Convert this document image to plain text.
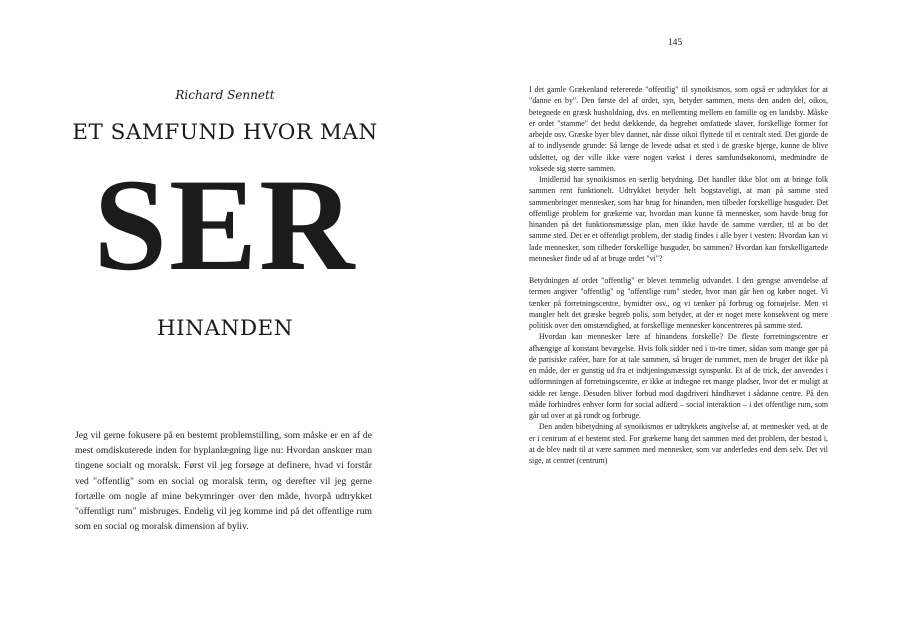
Richard Sennett
ET SAMFUND HVOR MAN
SER
HINANDEN

Jeg vil gerne fokusere på en bestemt problemstilling, som måske er en af de mest omdiskuterede inden for byplanlægning lige nu: Hvordan anskuer man tingene socialt og moralsk. Først vil jeg forsøge at definere, hvad vi forstår ved "offentlig" som en social og moralsk term, og derefter vil jeg gerne fortælle om nogle af mine bekymringer over den måde, hvorpå udtrykket "offentligt rum" misbruges. Endelig vil jeg komme ind på det offentlige rum som en social og moralsk dimension af byliv.

145

I det gamle Grækenland refererede "offentlig" til synoikismos, som også er udtrykket for at "danne en by". Den første del af ordet, syn, betyder sammen, mens den anden del, oikos, betegnede en græsk husholdning, dvs. en mellemting mellem en familie og en landsby. Måske er ordet "stamme" det bedst dækkende, da begrebet omfattede slaver, forskellige former for arbejde osv. Græske byer blev dannet, når disse oikoi flyttede til et centralt sted. Det gjorde de af to indlysende grunde: Så længe de levede udsat et sted i de græske bjerge, kunne de blive udslettet, og der ville ikke være nogen vækst i deres samfundsøkonomi, medmindre de voksede sig større sammen.

Imidlertid har synoikismos en særlig betydning. Det handler ikke blot om at bringe folk sammen rent funktionelt. Udtrykket betyder helt bogstaveligt, at man på samme sted sammenbringer mennesker, som har brug for hinanden, men tilbeder forskellige husguder. Det offentlige problem for grækerne var, hvordan man kunne få mennesker, som havde brug for hinanden på det funktionsmæssige plan, men ikke havde de samme værdier, til at bo det samme sted. Det er et offentligt problem, der stadig findes i alle byer i vesten: Hvordan kan vi lade mennesker, som tilbeder forskellige husguder, bo sammen? Hvordan kan forskelligartede mennesker finde ud af at bruge ordet "vi"?

Betydningen af ordet "offentlig" er blevet temmelig udvandet. I den gængse anvendelse af termen angiver "offentlig" og "offentlige rum" steder, hvor man går hen og køber noget. Vi tænker på forretningscentre, bymidter osv., og vi tænker på forbrug og fornøjelse. Men vi mangler helt det græske begreb polis, som betyder, at der er noget mere konsekvent og mere politisk over den omstændighed, at forskellige mennesker koncentreres på samme sted.

Hvordan kan mennesker lære af hinandens forskelle? De fleste forretningscentre er afhængige af konstant bevægelse. Hvis folk sidder ned i to-tre timer, sådan som mange gør på de parisiske caféer, bare for at tale sammen, så bruger de rummet, men de bruger det ikke på en måde, der er gunstig ud fra et indtjeningsmæssigt synspunkt. Et af de trick, der anvendes i udformningen af forretningscentre, er ikke at indtegne ret mange pladser, hvor det er muligt at sidde ret længe. Desuden bliver forbud mod dagdriveri håndhævet i sådanne centre. På den måde forhindres enhver form for social adfærd – social interaktion – i det offentlige rum, som går ud over at gå rundt og forbruge.

Den anden bibetydning af synoikismos er udtrykkets angivelse af, at mennesker ved, at de er i centrum af et bestemt sted. For grækerne hang det sammen med det problem, der bestod i, at de blev nødt til at være sammen med mennesker, som var anderledes end dem selv. Det vil sige, at centret (centrum)
